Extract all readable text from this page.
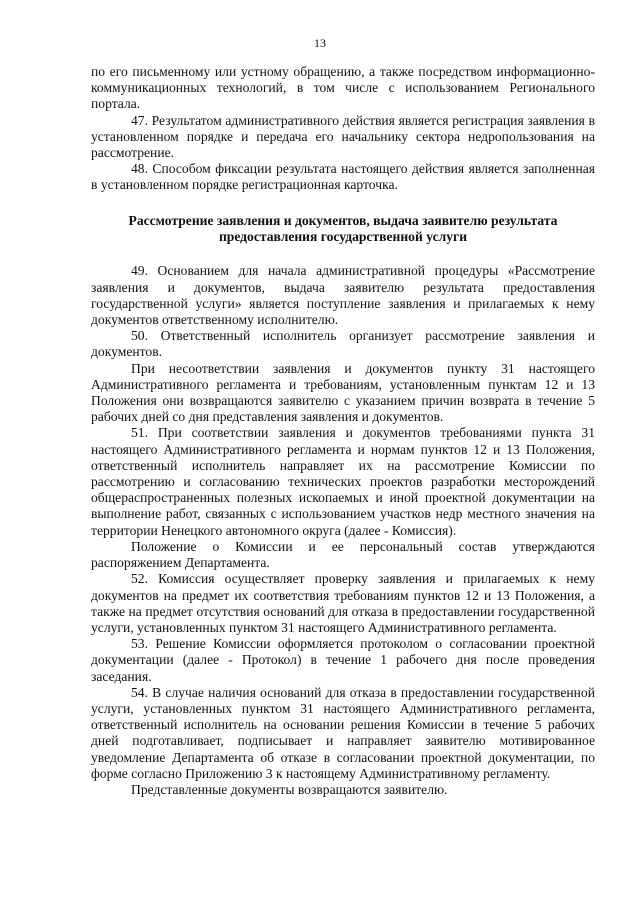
13

по его письменному или устному обращению, а также посредством информационно-коммуникационных технологий, в том числе с использованием Регионального портала.

47. Результатом административного действия является регистрация заявления в установленном порядке и передача его начальнику сектора недропользования на рассмотрение.

48. Способом фиксации результата настоящего действия является заполненная в установленном порядке регистрационная карточка.

Рассмотрение заявления и документов, выдача заявителю результата предоставления государственной услуги

49. Основанием для начала административной процедуры «Рассмотрение заявления и документов, выдача заявителю результата предоставления государственной услуги» является поступление заявления и прилагаемых к нему документов ответственному исполнителю.

50. Ответственный исполнитель организует рассмотрение заявления и документов.

При несоответствии заявления и документов пункту 31 настоящего Административного регламента и требованиям, установленным пунктам 12 и 13 Положения они возвращаются заявителю с указанием причин возврата в течение 5 рабочих дней со дня представления заявления и документов.

51. При соответствии заявления и документов требованиями пункта 31 настоящего Административного регламента и нормам пунктов 12 и 13 Положения, ответственный исполнитель направляет их на рассмотрение Комиссии по рассмотрению и согласованию технических проектов разработки месторождений общераспространенных полезных ископаемых и иной проектной документации на выполнение работ, связанных с использованием участков недр местного значения на территории Ненецкого автономного округа (далее - Комиссия).

Положение о Комиссии и ее персональный состав утверждаются распоряжением Департамента.

52. Комиссия осуществляет проверку заявления и прилагаемых к нему документов на предмет их соответствия требованиям пунктов 12 и 13 Положения, а также на предмет отсутствия оснований для отказа в предоставлении государственной услуги, установленных пунктом 31 настоящего Административного регламента.

53. Решение Комиссии оформляется протоколом о согласовании проектной документации (далее - Протокол) в течение 1 рабочего дня после проведения заседания.

54. В случае наличия оснований для отказа в предоставлении государственной услуги, установленных пунктом 31 настоящего Административного регламента, ответственный исполнитель на основании решения Комиссии в течение 5 рабочих дней подготавливает, подписывает и направляет заявителю мотивированное уведомление Департамента об отказе в согласовании проектной документации, по форме согласно Приложению 3 к настоящему Административному регламенту.

Представленные документы возвращаются заявителю.
